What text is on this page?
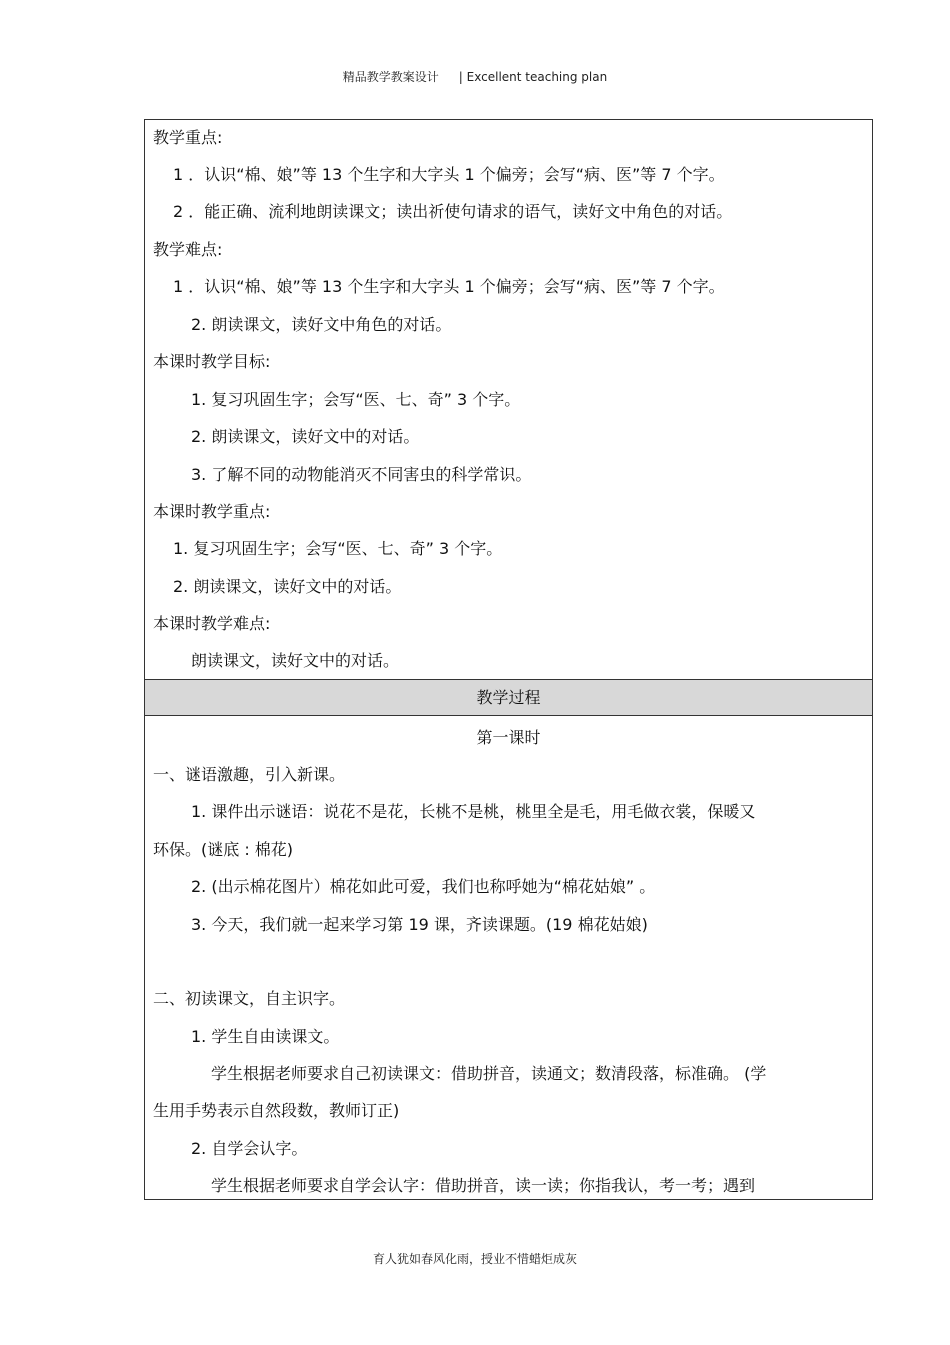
精品教学教案设计 | Excellent teaching plan
教学重点:
1 ．认识“棉、娘”等 13 个生字和大字头 1 个偏旁；会写“病、医”等 7 个字。
2 ．能正确、流利地朗读课文；读出祈使句请求的语气，读好文中角色的对话。
教学难点:
1 ．认识“棉、娘”等 13 个生字和大字头 1 个偏旁；会写“病、医”等 7 个字。
2. 朗读课文，读好文中角色的对话。
本课时教学目标:
1. 复习巩固生字；会写“医、七、奇” 3 个字。
2. 朗读课文，读好文中的对话。
3. 了解不同的动物能消灭不同害虫的科学常识。
本课时教学重点:
1. 复习巩固生字；会写“医、七、奇” 3 个字。
2. 朗读课文，读好文中的对话。
本课时教学难点:
朗读课文，读好文中的对话。
教学过程
第一课时
一、谜语激趣，引入新课。
1. 课件出示谜语：说花不是花，长桃不是桃，桃里全是毛，用毛做衣裳，保暖又
环保。(谜底 : 棉花)
2. (出示棉花图片）棉花如此可爱，我们也称呼她为“棉花姑娘” 。
3. 今天，我们就一起来学习第 19 课，齐读课题。(19 棉花姑娘)
二、初读课文，自主识字。
1. 学生自由读课文。
学生根据老师要求自己初读课文：借助拼音，读通文；数清段落，标准确。 (学
生用手势表示自然段数，教师订正)
2. 自学会认字。
学生根据老师要求自学会认字：借助拼音，读一读；你指我认，考一考；遇到
育人犹如春风化雨，授业不惜蜡炬成灰
